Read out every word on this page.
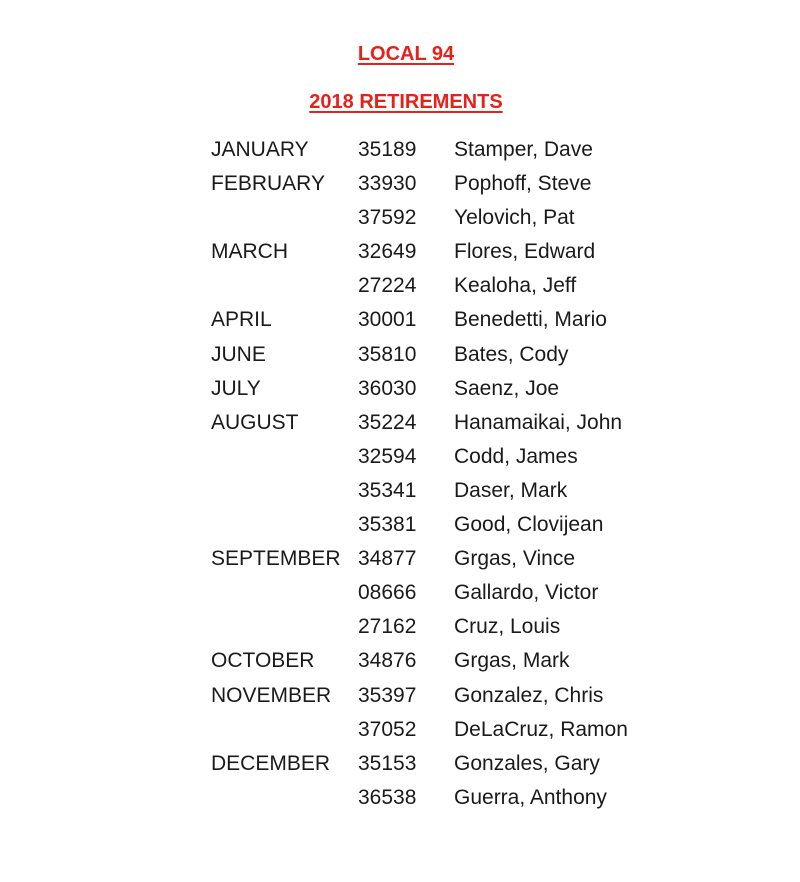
LOCAL 94
2018 RETIREMENTS
JANUARY 35189 Stamper, Dave
FEBRUARY 33930 Pophoff, Steve
37592 Yelovich, Pat
MARCH	32649 Flores, Edward
27224 Kealoha, Jeff
APRIL	30001 Benedetti, Mario
JUNE	35810 Bates, Cody
JULY	36030 Saenz, Joe
AUGUST	35224 Hanamaikai, John
32594 Codd, James
35341 Daser, Mark
35381 Good, Clovijean
SEPTEMBER 34877 Grgas, Vince
08666 Gallardo, Victor
27162 Cruz, Louis
OCTOBER 34876 Grgas, Mark
NOVEMBER 35397 Gonzalez, Chris
37052 DeLaCruz, Ramon
DECEMBER 35153 Gonzales, Gary
36538 Guerra, Anthony
